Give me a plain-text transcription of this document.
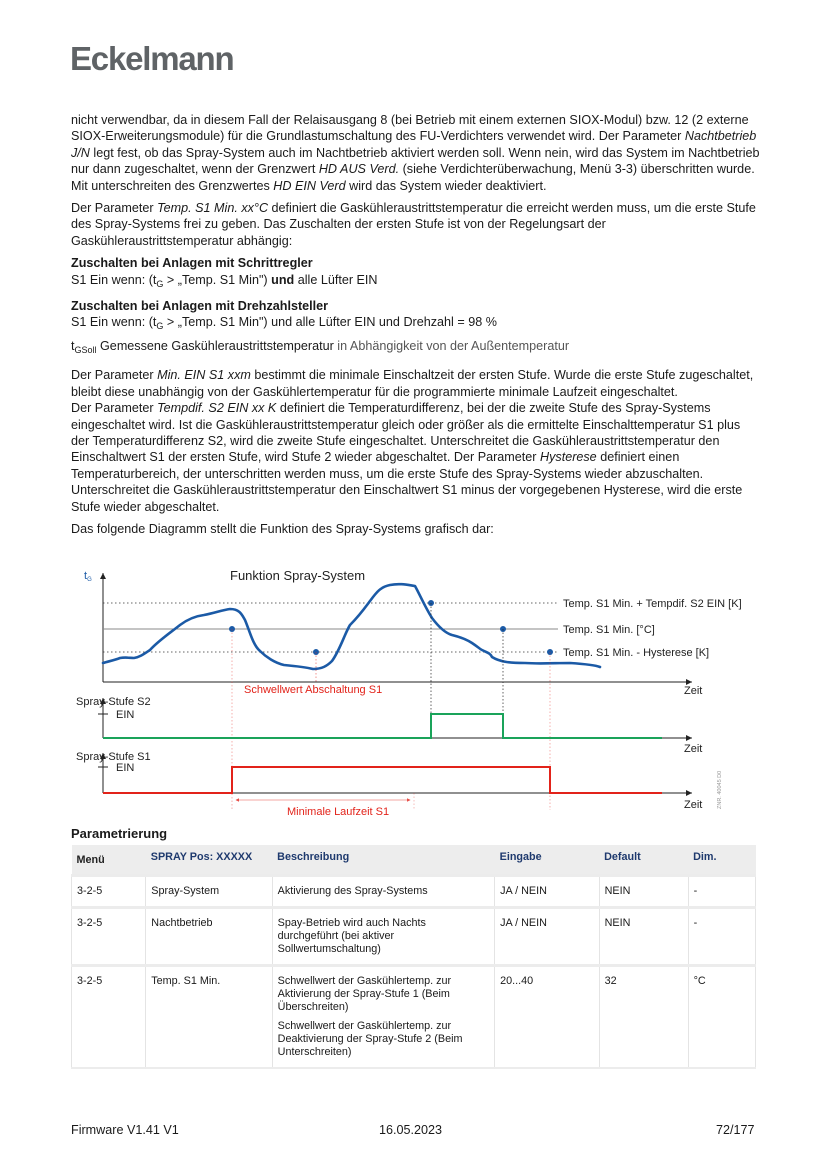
Eckelmann

nicht verwendbar, da in diesem Fall der Relaisausgang 8 (bei Betrieb mit einem externen SIOX-Modul) bzw. 12 (2 externe SIOX-Erweiterungsmodule) für die Grundlastumschaltung des FU-Verdichters verwendet wird. Der Parameter Nachtbetrieb J/N legt fest, ob das Spray-System auch im Nachtbetrieb aktiviert werden soll. Wenn nein, wird das System im Nachtbetrieb nur dann zugeschaltet, wenn der Grenzwert HD AUS Verd. (siehe Verdichterüberwachung, Menü 3-3) überschritten wurde. Mit unterschreiten des Grenzwertes HD EIN Verd wird das System wieder deaktiviert.

Der Parameter Temp. S1 Min. xx°C definiert die Gaskühleraustrittstemperatur die erreicht werden muss, um die erste Stufe des Spray-Systems frei zu geben. Das Zuschalten der ersten Stufe ist von der Regelungsart der Gaskühleraustrittstemperatur abhängig:

Zuschalten bei Anlagen mit Schrittregler

S1 Ein wenn: ($t_G$ > „Temp. S1 Min") und alle Lüfter EIN

Zuschalten bei Anlagen mit Drehzahlsteller

S1 Ein wenn: ($t_G$ > „Temp. S1 Min") und alle Lüfter EIN und Drehzahl = 98 %

$t_{GSoll}$ Gemessene Gaskühleraustrittstemperatur in Abhängigkeit von der Außentemperatur

Der Parameter Min. EIN S1 xxm bestimmt die minimale Einschaltzeit der ersten Stufe. Wurde die erste Stufe zugeschaltet, bleibt diese unabhängig von der Gaskühlertemperatur für die programmierte minimale Laufzeit eingeschaltet.

Der Parameter Tempdif. S2 EIN xx K definiert die Temperaturdifferenz, bei der die zweite Stufe des Spray-Systems eingeschaltet wird. Ist die Gaskühleraustrittstemperatur gleich oder größer als die ermittelte Einschalttemperatur S1 plus der Temperaturdifferenz S2, wird die zweite Stufe eingeschaltet. Unterschreitet die Gaskühleraustrittstemperatur den Einschaltwert S1 der ersten Stufe, wird Stufe 2 wieder abgeschaltet. Der Parameter Hysterese definiert einen Temperaturbereich, der unterschritten werden muss, um die erste Stufe des Spray-Systems wieder abzuschalten. Unterschreitet die Gaskühleraustrittstemperatur den Einschaltwert S1 minus der vorgegebenen Hysterese, wird die erste Stufe wieder abgeschaltet.

Das folgende Diagramm stellt die Funktion des Spray-Systems grafisch dar:

tG	Funktion Spray-System
Temp. S1 Min. + Tempdif. S2 EIN [K]
Temp. S1 Min. [°C]
Temp. S1 Min. - Hysterese [K]
Zeit
Schwellwert Abschaltung S1
Spray-Stufe S2
EIN
Zeit
Spray-Stufe S1
EIN
Zeit
Minimale Laufzeit S1
ZNR. 40045 D0
Parametrierung
Menü	SPRAY Pos: XXXXX	Beschreibung	Eingabe	Default	Dim.
3-2-5	Spray-System	Aktivierung des Spray-Systems	JA / NEIN	NEIN	-
3-2-5	Nachtbetrieb	Spay-Betrieb wird auch Nachts durchgeführt (bei aktiver Sollwertumschaltung)	JA / NEIN	NEIN	-
3-2-5	Temp. S1 Min.	Schwellwert der Gaskühlertemp. zur Aktivierung der Spray-Stufe 1 (Beim Überschreiten)
Schwellwert der Gaskühlertemp. zur Deaktivierung der Spray-Stufe 2 (Beim Unterschreiten)	20...40	32	°C
Firmware V1.41 V1	16.05.2023	72/177
